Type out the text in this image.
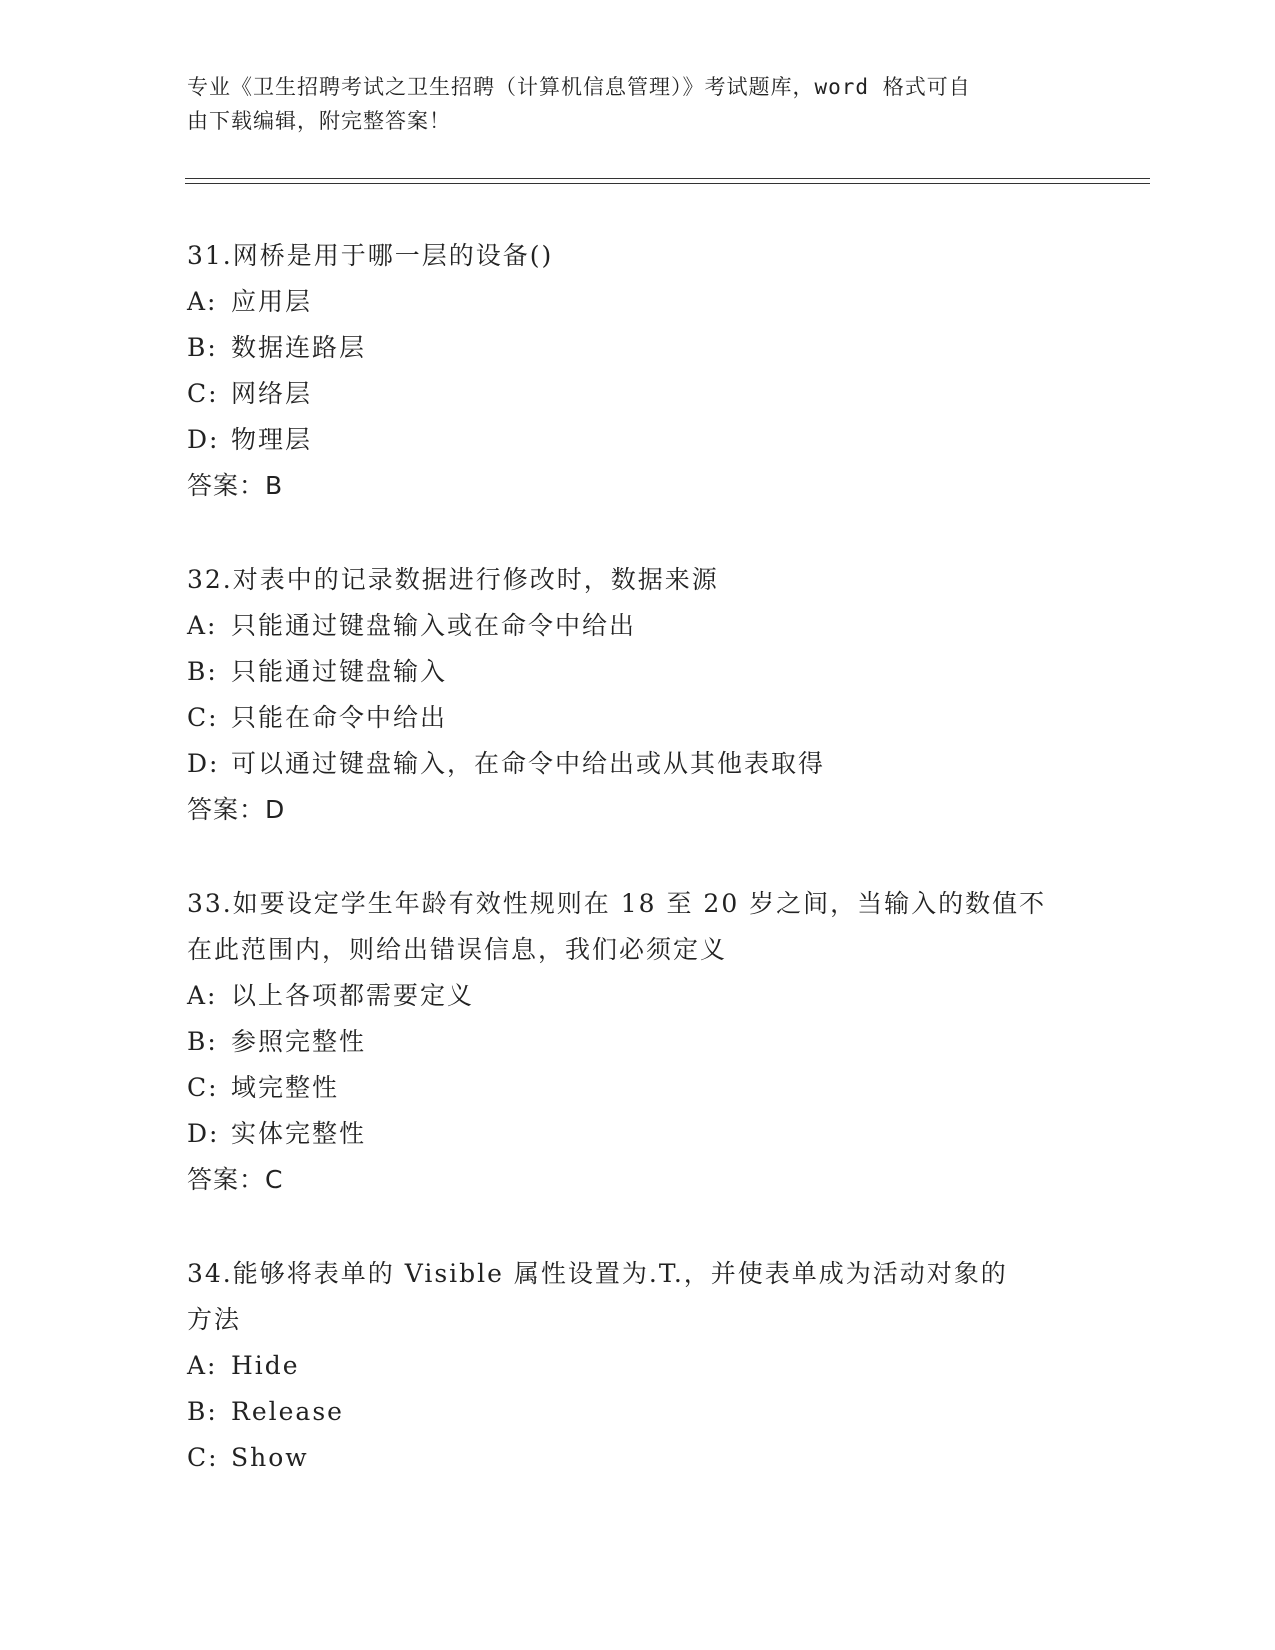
专业《卫生招聘考试之卫生招聘（计算机信息管理）》考试题库，word 格式可自
由下载编辑，附完整答案！

31.网桥是用于哪一层的设备()

A: 应用层

B: 数据连路层

C: 网络层

D: 物理层

答案：B

32.对表中的记录数据进行修改时，数据来源

A: 只能通过键盘输入或在命令中给出

B: 只能通过键盘输入

C: 只能在命令中给出

D: 可以通过键盘输入，在命令中给出或从其他表取得

答案：D

33.如要设定学生年龄有效性规则在 18 至 20 岁之间，当输入的数值不

在此范围内，则给出错误信息，我们必须定义

A: 以上各项都需要定义

B: 参照完整性

C: 域完整性

D: 实体完整性

答案：C

34.能够将表单的 Visible 属性设置为.T.，并使表单成为活动对象的

方法

A: Hide

B: Release

C: Show
